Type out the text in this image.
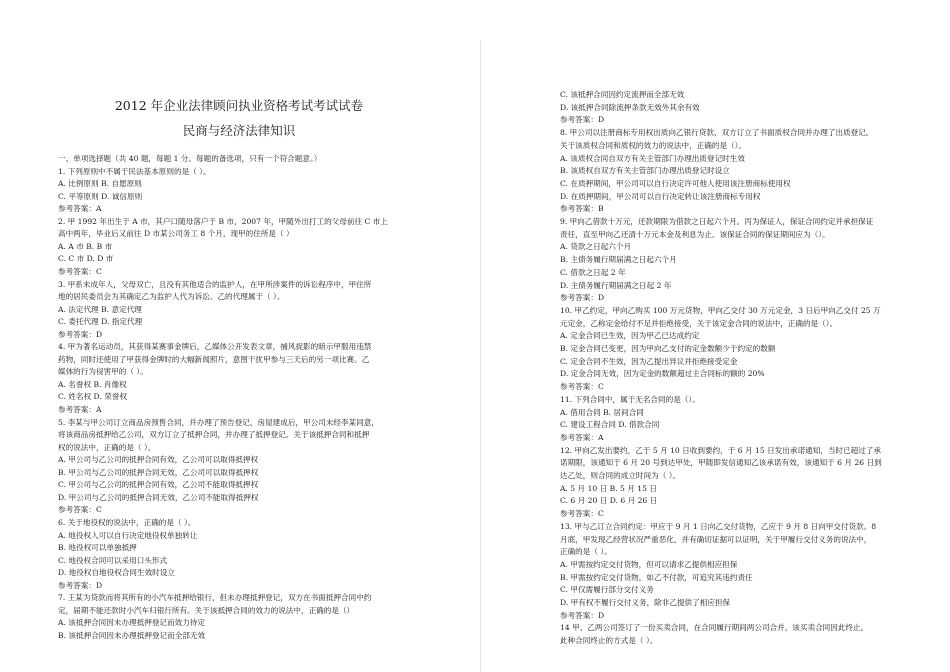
2012 年企业法律顾问执业资格考试考试试卷
民商与经济法律知识
一、单项选择题（共 40 题，每题 1 分。每题的备选项，只有一个符合题意。）
1. 下列原则中不属于民法基本原则的是（ ）。
A. 比例原则 B. 自愿原则
C. 平等原则 D. 诚信原则
参考答案：A
2. 甲 1992 年出生于 A 市，其户口随母落户于 B 市，2007 年，甲随外出打工的父母前往 C 市上
高中两年，毕业后又前往 D 市某公司务工 8 个月，现甲的住所是（ ）
A. A 市 B. B 市
C. C 市 D. D 市
参考答案：C
3. 甲系未成年人，父母双亡，且没有其他适合的监护人，在甲所涉案件的诉讼程序中，甲住所
地的居民委员会为其确定乙为监护人代为诉讼。乙的代理属于（ ）。
A. 法定代理 B. 意定代理
C. 委托代理 D. 指定代理
参考答案：D
4. 甲为著名运动员，其获得某赛事金牌后，乙媒体公开发表文章，捕风捉影的暗示甲服用违禁
药物，同时还使用了甲获得金牌时的大幅新闻照片，意图干扰甲参与三天后的另一项比赛。乙
媒体的行为侵害甲的（ ）。
A. 名誉权 B. 肖像权
C. 姓名权 D. 荣誉权
参考答案：A
5. 李某与甲公司订立商品房预售合同，并办理了预告登记，房屋建成后，甲公司未经李某同意，
将该商品房抵押给乙公司，双方订立了抵押合同，并办理了抵押登记。关于该抵押合同和抵押
权的说法中，正确的是（ ）。
A. 甲公司与乙公司的抵押合同有效，乙公司可以取得抵押权
B. 甲公司与乙公司的抵押合同无效，乙公司可以取得抵押权
C. 甲公司与乙公司的抵押合同有效，乙公司不能取得抵押权
D. 甲公司与乙公司的抵押合同无效，乙公司不能取得抵押权
参考答案：C
6. 关于地役权的说法中，正确的是（ ）。
A. 地役权人可以自行决定地役权单独转让
B. 地役权可以单独抵押
C. 地役权合同可以采用口头形式
D. 地役权自地役权合同生效时设立
参考答案：D
7. 王某为贷款而将其所有的小汽车抵押给银行，但未办理抵押登记，双方在书面抵押合同中约
定，届期不能还款时小汽车归银行所有。关于该抵押合同的效力的说法中，正确的是（）
A. 该抵押合同因未办理抵押登记而效力待定
B. 该抵押合同因未办理抵押登记而全部无效
C. 该抵押合同因约定流押而全部无效
D. 该抵押合同除流押条款无效外其余有效
参考答案：D
8. 甲公司以注册商标专用权出质向乙银行贷款，双方订立了书面质权合同并办理了出质登记。
关于该质权合同和质权的效力的说法中，正确的是（）。
A. 该质权合同自双方有关主管部门办理出质登记时生效
B. 该质权自双方有关主管部门办理出质登记时设立
C. 在质押期间，甲公司可以自行决定许可他人使用该注册商标使用权
D. 在质押期间，甲公司可以自行决定转让该注册商标专用权
参考答案：B
9. 甲向乙借款十万元，还款期限为借款之日起六个月。丙为保证人，保证合同约定并承担保证
责任，直至甲向乙还清十万元本金及利息为止。该保证合同的保证期间应为（）。
A. 贷款之日起六个月
B. 主债务履行期届满之日起六个月
C. 借款之日起 2 年
D. 主债务履行期届满之日起 2 年
参考答案：D
10. 甲乙约定，甲向乙购买 100 万元货物，甲向乙交付 30 万元定金，3 日后甲向乙交付 25 万
元定金，乙称定金给付不足并拒绝接受，关于该定金合同的说法中，正确的是（）。
A. 定金合同已生效，因为甲乙已达成约定
B. 定金合同已变更，因为甲向乙支付的定金数额少于约定的数额
C. 定金合同不生效，因为乙提出异议并拒绝接受定金
D. 定金合同无效，因为定金的数额超过主合同标的额的 20%
参考答案：C
11. 下列合同中，属于无名合同的是（）。
A. 借用合同 B. 居间合同
C. 建设工程合同 D. 借款合同
参考答案：A
12. 甲向乙发出要约，乙于 5 月 10 日收到要约，于 6 月 15 日发出承诺通知，当时已超过了承
诺期限，该通知于 6 月 20 号到达甲处，甲随即发信通知乙该承诺有效，该通知于 6 月 26 日到
达乙处，则合同的成立时间为（ ）。
A. 5 月 10 日 B. 5 月 15 日
C. 6 月 20 日 D. 6 月 26 日
参考答案：C
13. 甲与乙订立合同约定：甲应于 9 月 1 日向乙交付货物，乙应于 9 月 8 日向甲交付货款。8
月底，甲发现乙经营状况严重恶化，并有确切证据可以证明，关于甲履行交付义务的说法中，
正确的是（ ）。
A. 甲需按约定交付货物，但可以请求乙提供相应担保
B. 甲需按约定交付货物，如乙不付款，可追究其违约责任
C. 甲仅需履行部分交付义务
D. 甲有权不履行交付义务，除非乙提供了相应担保
参考答案：D
14 甲、乙两公司签订了一份买卖合同，在合同履行期间两公司合并，该买卖合同因此终止。
此种合同终止的方式是（ ）。
